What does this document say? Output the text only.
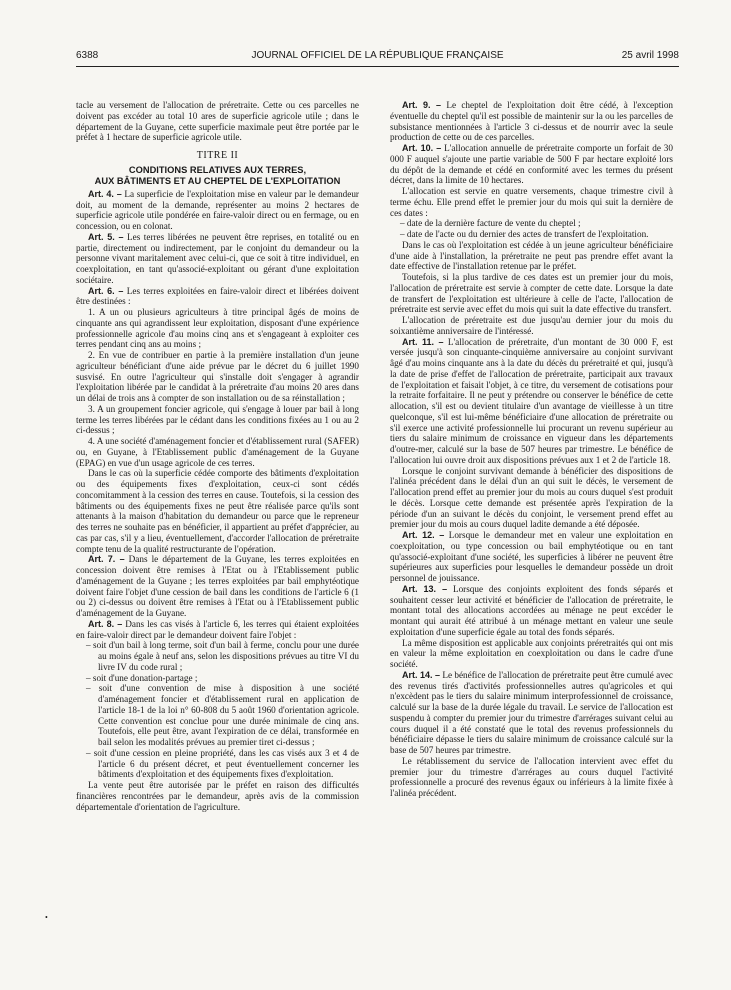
6388	JOURNAL OFFICIEL DE LA RÉPUBLIQUE FRANÇAISE	25 avril 1998

tacle au versement de l'allocation de préretraite. Cette ou ces parcelles ne doivent pas excéder au total 10 ares de superficie agricole utile ; dans le département de la Guyane, cette superficie maximale peut être portée par le préfet à 1 hectare de superficie agricole utile.

TITRE II
CONDITIONS RELATIVES AUX TERRES,
AUX BÂTIMENTS ET AU CHEPTEL DE L'EXPLOITATION

Art. 4. – La superficie de l'exploitation mise en valeur par le demandeur doit, au moment de la demande, représenter au moins 2 hectares de superficie agricole utile pondérée en faire-valoir direct ou en fermage, ou en concession, ou en colonat.

Art. 5. – Les terres libérées ne peuvent être reprises, en totalité ou en partie, directement ou indirectement, par le conjoint du demandeur ou la personne vivant maritalement avec celui-ci, que ce soit à titre individuel, en coexploitation, en tant qu'associé-exploitant ou gérant d'une exploitation sociétaire.

Art. 6. – Les terres exploitées en faire-valoir direct et libérées doivent être destinées :

1. A un ou plusieurs agriculteurs à titre principal âgés de moins de cinquante ans qui agrandissent leur exploitation, disposant d'une expérience professionnelle agricole d'au moins cinq ans et s'engageant à exploiter ces terres pendant cinq ans au moins ;

2. En vue de contribuer en partie à la première installation d'un jeune agriculteur bénéficiant d'une aide prévue par le décret du 6 juillet 1990 susvisé. En outre l'agriculteur qui s'installe doit s'engager à agrandir l'exploitation libérée par le candidat à la préretraite d'au moins 20 ares dans un délai de trois ans à compter de son installation ou de sa réinstallation ;

3. A un groupement foncier agricole, qui s'engage à louer par bail à long terme les terres libérées par le cédant dans les conditions fixées au 1 ou au 2 ci-dessus ;

4. A une société d'aménagement foncier et d'établissement rural (SAFER) ou, en Guyane, à l'Etablissement public d'aménagement de la Guyane (EPAG) en vue d'un usage agricole de ces terres.

Dans le cas où la superficie cédée comporte des bâtiments d'exploitation ou des équipements fixes d'exploitation, ceux-ci sont cédés concomitamment à la cession des terres en cause. Toutefois, si la cession des bâtiments ou des équipements fixes ne peut être réalisée parce qu'ils sont attenants à la maison d'habitation du demandeur ou parce que le repreneur des terres ne souhaite pas en bénéficier, il appartient au préfet d'apprécier, au cas par cas, s'il y a lieu, éventuellement, d'accorder l'allocation de préretraite compte tenu de la qualité restructurante de l'opération.

Art. 7. – Dans le département de la Guyane, les terres exploitées en concession doivent être remises à l'Etat ou à l'Etablissement public d'aménagement de la Guyane ; les terres exploitées par bail emphytéotique doivent faire l'objet d'une cession de bail dans les conditions de l'article 6 (1 ou 2) ci-dessus ou doivent être remises à l'Etat ou à l'Etablissement public d'aménagement de la Guyane.

Art. 8. – Dans les cas visés à l'article 6, les terres qui étaient exploitées en faire-valoir direct par le demandeur doivent faire l'objet :

– soit d'un bail à long terme, soit d'un bail à ferme, conclu pour une durée au moins égale à neuf ans, selon les dispositions prévues au titre VI du livre IV du code rural ;

– soit d'une donation-partage ;

– soit d'une convention de mise à disposition à une société d'aménagement foncier et d'établissement rural en application de l'article 18-1 de la loi n° 60-808 du 5 août 1960 d'orientation agricole. Cette convention est conclue pour une durée minimale de cinq ans. Toutefois, elle peut être, avant l'expiration de ce délai, transformée en bail selon les modalités prévues au premier tiret ci-dessus ;

– soit d'une cession en pleine propriété, dans les cas visés aux 3 et 4 de l'article 6 du présent décret, et peut éventuellement concerner les bâtiments d'exploitation et des équipements fixes d'exploitation.

La vente peut être autorisée par le préfet en raison des difficultés financières rencontrées par le demandeur, après avis de la commission départementale d'orientation de l'agriculture.

Art. 9. – Le cheptel de l'exploitation doit être cédé, à l'exception éventuelle du cheptel qu'il est possible de maintenir sur la ou les parcelles de subsistance mentionnées à l'article 3 ci-dessus et de nourrir avec la seule production de cette ou de ces parcelles.

Art. 10. – L'allocation annuelle de préretraite comporte un forfait de 30 000 F auquel s'ajoute une partie variable de 500 F par hectare exploité lors du dépôt de la demande et cédé en conformité avec les termes du présent décret, dans la limite de 10 hectares.

L'allocation est servie en quatre versements, chaque trimestre civil à terme échu. Elle prend effet le premier jour du mois qui suit la dernière de ces dates :

– date de la dernière facture de vente du cheptel ;

– date de l'acte ou du dernier des actes de transfert de l'exploitation.

Dans le cas où l'exploitation est cédée à un jeune agriculteur bénéficiaire d'une aide à l'installation, la préretraite ne peut pas prendre effet avant la date effective de l'installation retenue par le préfet.

Toutefois, si la plus tardive de ces dates est un premier jour du mois, l'allocation de préretraite est servie à compter de cette date. Lorsque la date de transfert de l'exploitation est ultérieure à celle de l'acte, l'allocation de préretraite est servie avec effet du mois qui suit la date effective du transfert.

L'allocation de préretraite est due jusqu'au dernier jour du mois du soixantième anniversaire de l'intéressé.

Art. 11. – L'allocation de préretraite, d'un montant de 30 000 F, est versée jusqu'à son cinquante-cinquième anniversaire au conjoint survivant âgé d'au moins cinquante ans à la date du décès du préretraité et qui, jusqu'à la date de prise d'effet de l'allocation de préretraite, participait aux travaux de l'exploitation et faisait l'objet, à ce titre, du versement de cotisations pour la retraite forfaitaire. Il ne peut y prétendre ou conserver le bénéfice de cette allocation, s'il est ou devient titulaire d'un avantage de vieillesse à un titre quelconque, s'il est lui-même bénéficiaire d'une allocation de préretraite ou s'il exerce une activité professionnelle lui procurant un revenu supérieur au tiers du salaire minimum de croissance en vigueur dans les départements d'outre-mer, calculé sur la base de 507 heures par trimestre. Le bénéfice de l'allocation lui ouvre droit aux dispositions prévues aux 1 et 2 de l'article 18.

Lorsque le conjoint survivant demande à bénéficier des dispositions de l'alinéa précédent dans le délai d'un an qui suit le décès, le versement de l'allocation prend effet au premier jour du mois au cours duquel s'est produit le décès. Lorsque cette demande est présentée après l'expiration de la période d'un an suivant le décès du conjoint, le versement prend effet au premier jour du mois au cours duquel ladite demande a été déposée.

Art. 12. – Lorsque le demandeur met en valeur une exploitation en coexploitation, ou type concession ou bail emphytéotique ou en tant qu'associé-exploitant d'une société, les superficies à libérer ne peuvent être supérieures aux superficies pour lesquelles le demandeur possède un droit personnel de jouissance.

Art. 13. – Lorsque des conjoints exploitent des fonds séparés et souhaitent cesser leur activité et bénéficier de l'allocation de préretraite, le montant total des allocations accordées au ménage ne peut excéder le montant qui aurait été attribué à un ménage mettant en valeur une seule exploitation d'une superficie égale au total des fonds séparés.

La même disposition est applicable aux conjoints préretraités qui ont mis en valeur la même exploitation en coexploitation ou dans le cadre d'une société.

Art. 14. – Le bénéfice de l'allocation de préretraite peut être cumulé avec des revenus tirés d'activités professionnelles autres qu'agricoles et qui n'excèdent pas le tiers du salaire minimum interprofessionnel de croissance, calculé sur la base de la durée légale du travail. Le service de l'allocation est suspendu à compter du premier jour du trimestre d'arrérages suivant celui au cours duquel il a été constaté que le total des revenus professionnels du bénéficiaire dépasse le tiers du salaire minimum de croissance calculé sur la base de 507 heures par trimestre.

Le rétablissement du service de l'allocation intervient avec effet du premier jour du trimestre d'arrérages au cours duquel l'activité professionnelle a procuré des revenus égaux ou inférieurs à la limite fixée à l'alinéa précédent.

•
